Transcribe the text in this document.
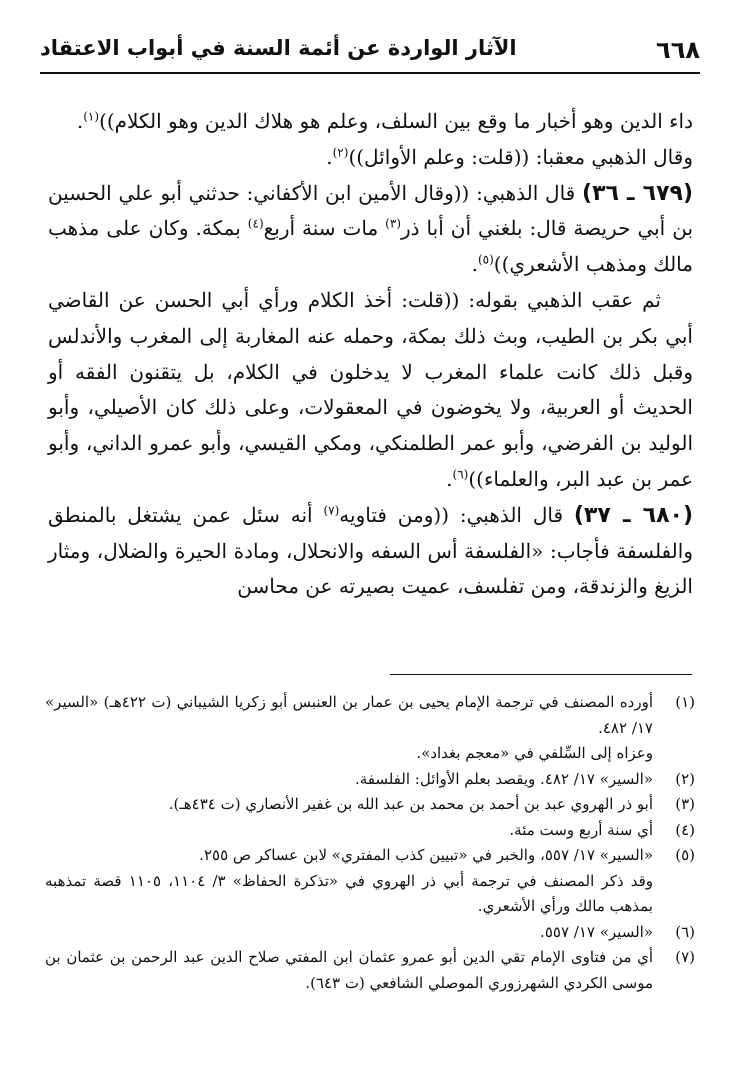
٦٦٨
الآثار الواردة عن أئمة السنة في أبواب الاعتقاد

داء الدين وهو أخبار ما وقع بين السلف، وعلم هو هلاك الدين وهو الكلام))$^{(١)}$.

وقال الذهبي معقبا: ((قلت: وعلم الأوائل))$^{(٢)}$.

(٦٧٩ ـ ٣٦) قال الذهبي: ((وقال الأمين ابن الأكفاني: حدثني أبو علي الحسين بن أبي حريصة قال: بلغني أن أبا ذر$^{(٣)}$ مات سنة أربع$^{(٤)}$ بمكة. وكان على مذهب مالك ومذهب الأشعري))$^{(٥)}$.

ثم عقب الذهبي بقوله: ((قلت: أخذ الكلام ورأي أبي الحسن عن القاضي أبي بكر بن الطيب، وبث ذلك بمكة، وحمله عنه المغاربة إلى المغرب والأندلس وقبل ذلك كانت علماء المغرب لا يدخلون في الكلام، بل يتقنون الفقه أو الحديث أو العربية، ولا يخوضون في المعقولات، وعلى ذلك كان الأصيلي، وأبو الوليد بن الفرضي، وأبو عمر الطلمنكي، ومكي القيسي، وأبو عمرو الداني، وأبو عمر بن عبد البر، والعلماء))$^{(٦)}$.

(٦٨٠ ـ ٣٧) قال الذهبي: ((ومن فتاويه$^{(٧)}$ أنه سئل عمن يشتغل بالمنطق والفلسفة فأجاب: «الفلسفة أس السفه والانحلال، ومادة الحيرة والضلال، ومثار الزيغ والزندقة، ومن تفلسف، عميت بصيرته عن محاسن

(١)

أورده المصنف في ترجمة الإمام يحيى بن عمار بن العنبس أبو زكريا الشيباني (ت ٤٢٢هـ) «السير» ١٧/ ٤٨٢.

وعزاه إلى السِّلفي في «معجم بغداد».

(٢)

«السير» ١٧/ ٤٨٢. ويقصد بعلم الأوائل: الفلسفة.

(٣)

أبو ذر الهروي عبد بن أحمد بن محمد بن عبد الله بن غفير الأنصاري (ت ٤٣٤هـ).

(٤)

أي سنة أربع وست مئة.

(٥)

«السير» ١٧/ ٥٥٧، والخبر في «تبيين كذب المفتري» لابن عساكر ص ٢٥٥.

وقد ذكر المصنف في ترجمة أبي ذر الهروي في «تذكرة الحفاظ» ٣/ ١١٠٤، ١١٠٥ قصة تمذهبه بمذهب مالك ورأي الأشعري.

(٦)

«السير» ١٧/ ٥٥٧.

(٧)

أي من فتاوى الإمام تقي الدين أبو عمرو عثمان ابن المفتي صلاح الدين عبد الرحمن بن عثمان بن موسى الكردي الشهرزوري الموصلي الشافعي (ت ٦٤٣).
